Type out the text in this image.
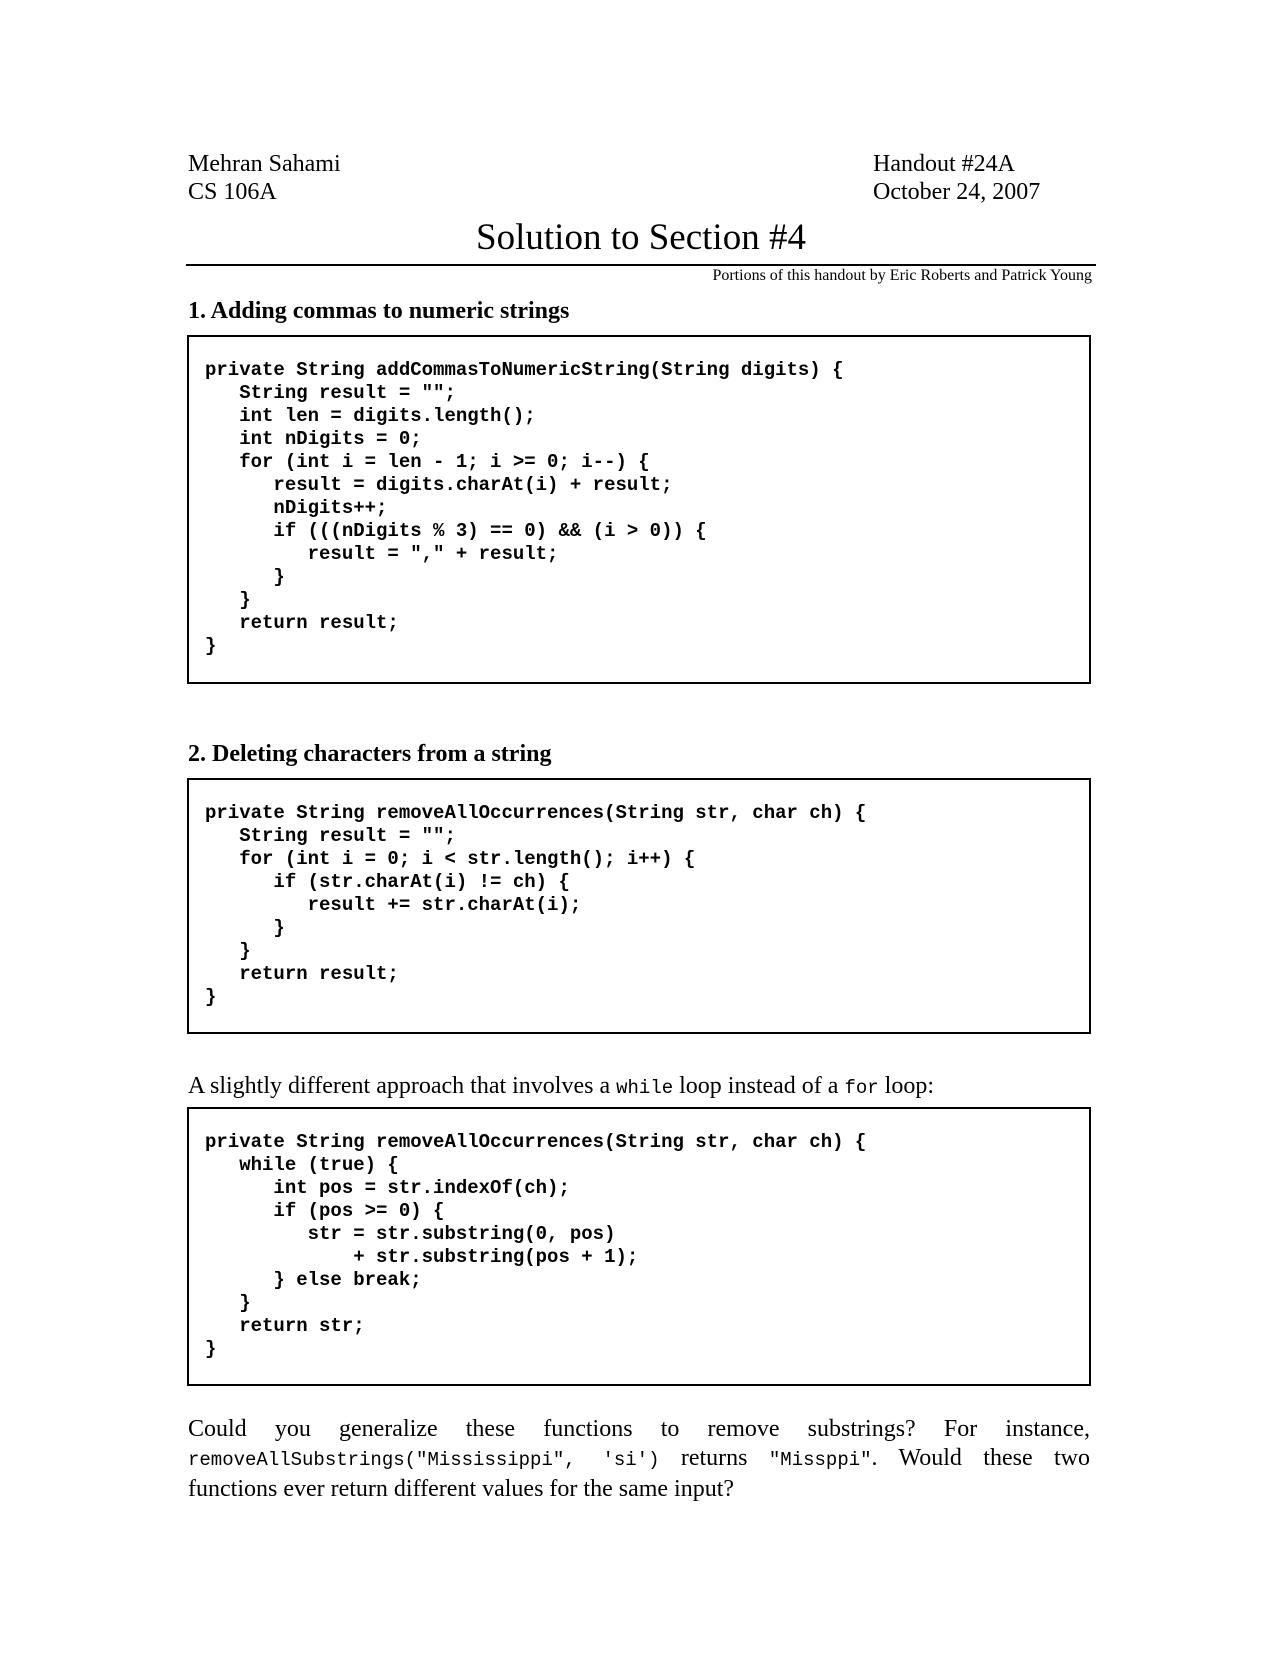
Mehran Sahami
CS 106A
Handout #24A
October 24, 2007
Solution to Section #4
Portions of this handout by Eric Roberts and Patrick Young
1. Adding commas to numeric strings
private String addCommasToNumericString(String digits) {
String result = "";
int len = digits.length();
int nDigits = 0;
for (int i = len - 1; i >= 0; i--) {
result = digits.charAt(i) + result;
nDigits++;
if (((nDigits % 3) == 0) && (i > 0)) {
result = "," + result;
}
}
return result;
}
2. Deleting characters from a string
private String removeAllOccurrences(String str, char ch) {
String result = "";
for (int i = 0; i < str.length(); i++) {
if (str.charAt(i) != ch) {
result += str.charAt(i);
}
}
return result;
}
A slightly different approach that involves a while loop instead of a for loop:
private String removeAllOccurrences(String str, char ch) {
while (true) {
int pos = str.indexOf(ch);
if (pos >= 0) {
str = str.substring(0, pos)
+ str.substring(pos + 1);
} else break;
}
return str;
}
Could you generalize these functions to remove substrings? For instance,
removeAllSubstrings("Mississippi", 'si') returns "Missppi". Would these two functions ever return different values for the same input?
